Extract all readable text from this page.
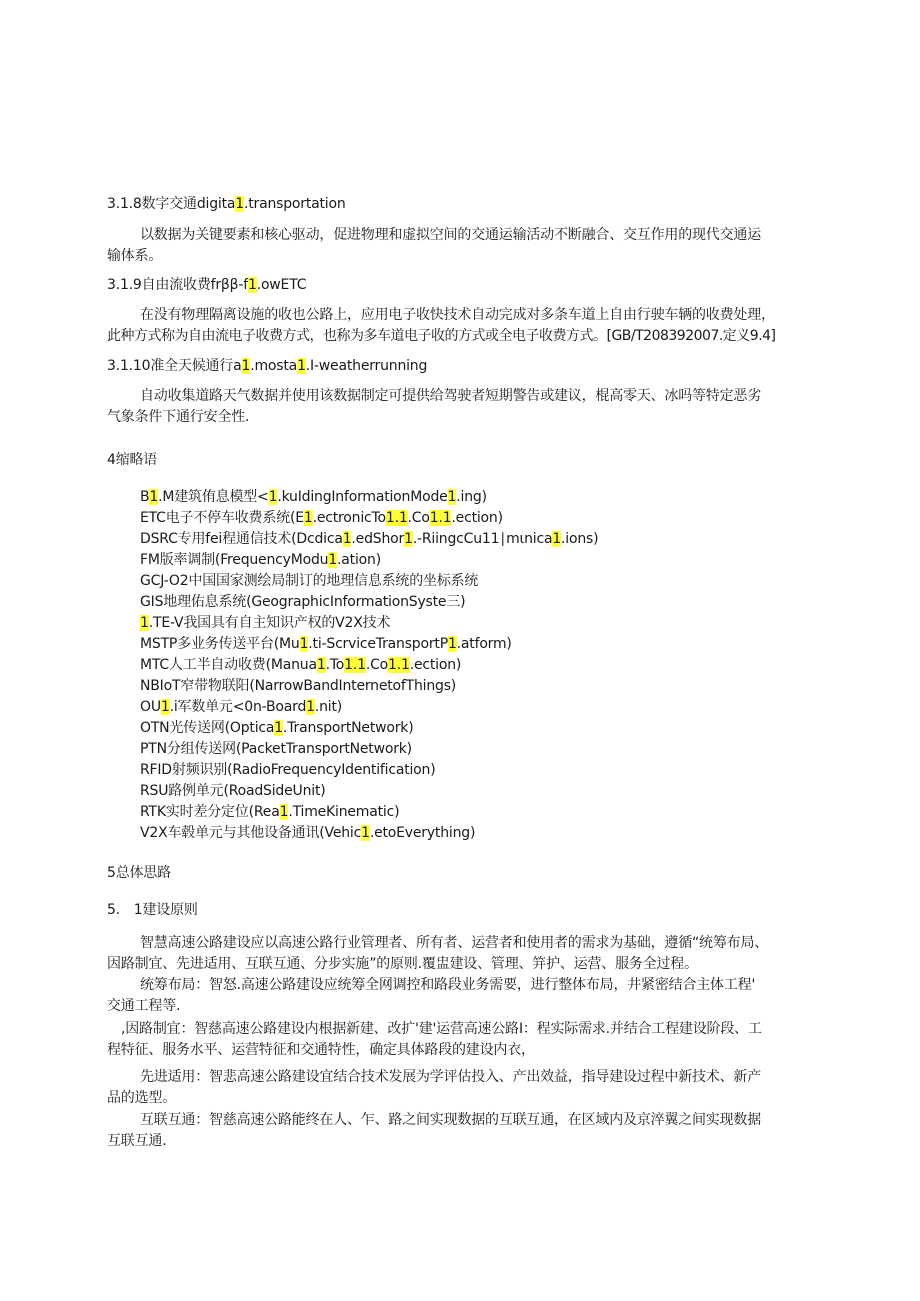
3.1.8数字交通digita1.transportation
以数据为关键要素和核心驱动，促进物理和虚拟空间的交通运输活动不断融合、交互作用的现代交通运
输体系。
3.1.9自由流收费frββ-f1.owETC
在没有物理隔离设施的收也公路上，应用电子收快技术自动完成对多条车道上自由行驶车辆的收费处理，
此种方式称为自由流电子收费方式，也称为多车道电子收的方式或全电子收费方式。[GB/T208392007.定义9.4]
3.1.10准全天候通行a1.mosta1.I-weatherrunning
自动收集道路天气数据并使用该数据制定可提供给驾驶者短期警告或建议，棍高零天、冰吗等特定恶劣
气象条件下通行安全性.
4缩略语
B1.M建筑侑息模型<1.kuIdingInformationMode1.ing)
ETC电子不停车收费系统(E1.ectronicTo1.1.Co1.1.ection)
DSRC专用fei程通信技术(Dcdica1.edShor1.-RiingcCu11∣mιnica1.ions)
FM版率调制(FrequencyModu1.ation)
GCJ-O2中国国家测绘局制订的地理信息系统的坐标系统
GIS地理佑息系统(GeographicInformationSyste三)
1.TE-V我国具有自主知识产权的V2X技术
MSTP多业务传送平台(Mu1.ti-ScrviceTransportP1.atform)
MTC人工半自动收费(Manua1.To1.1.Co1.1.ection)
NBIoT窄带物联阳(NarrowBandInternetofThings)
OU1.i军数单元<0n-Board1.nit)
OTN光传送网(Optica1.TransportNetwork)
PTN分组传送网(PacketTransportNetwork)
RFID射频识别(RadioFrequencyIdentification)
RSU路例单元(RoadSideUnit)
RTK实时差分定位(Rea1.TimeKinematic)
V2X车毂单元与其他设备通讯(Vehic1.etoEverything)
5总体思路
5.　1建设原则
智慧高速公路建设应以高速公路行业管理者、所有者、运营者和使用者的需求为基础，遵循“统筹布局、
因路制宜、先进适用、互联互通、分步实施”的原则.覆盅建设、管理、笄护、运营、服务全过程。
统筹布局：智怒.高速公路建设应统筹全网调控和路段业务需要，进行整体布局，井紧密结合主体工程'
交通工程等.
,因路制宜：智慈高速公路建设内根据新建、改扩'建'运营高速公路I：程实际需求.并结合工程建设阶段、工
程特征、服务水平、运营特征和交通特性，确定具体路段的建设内衣，
先进适用：智悲高速公路建设宜结合技术发展为学评估投入、产出效益，指导建设过程中新技术、新产
品的选型。
互联互通：智慈高速公路能终在人、乍、路之间实现数据的互联互通，在区域内及京淬翼之间实现数据
互联互通.
